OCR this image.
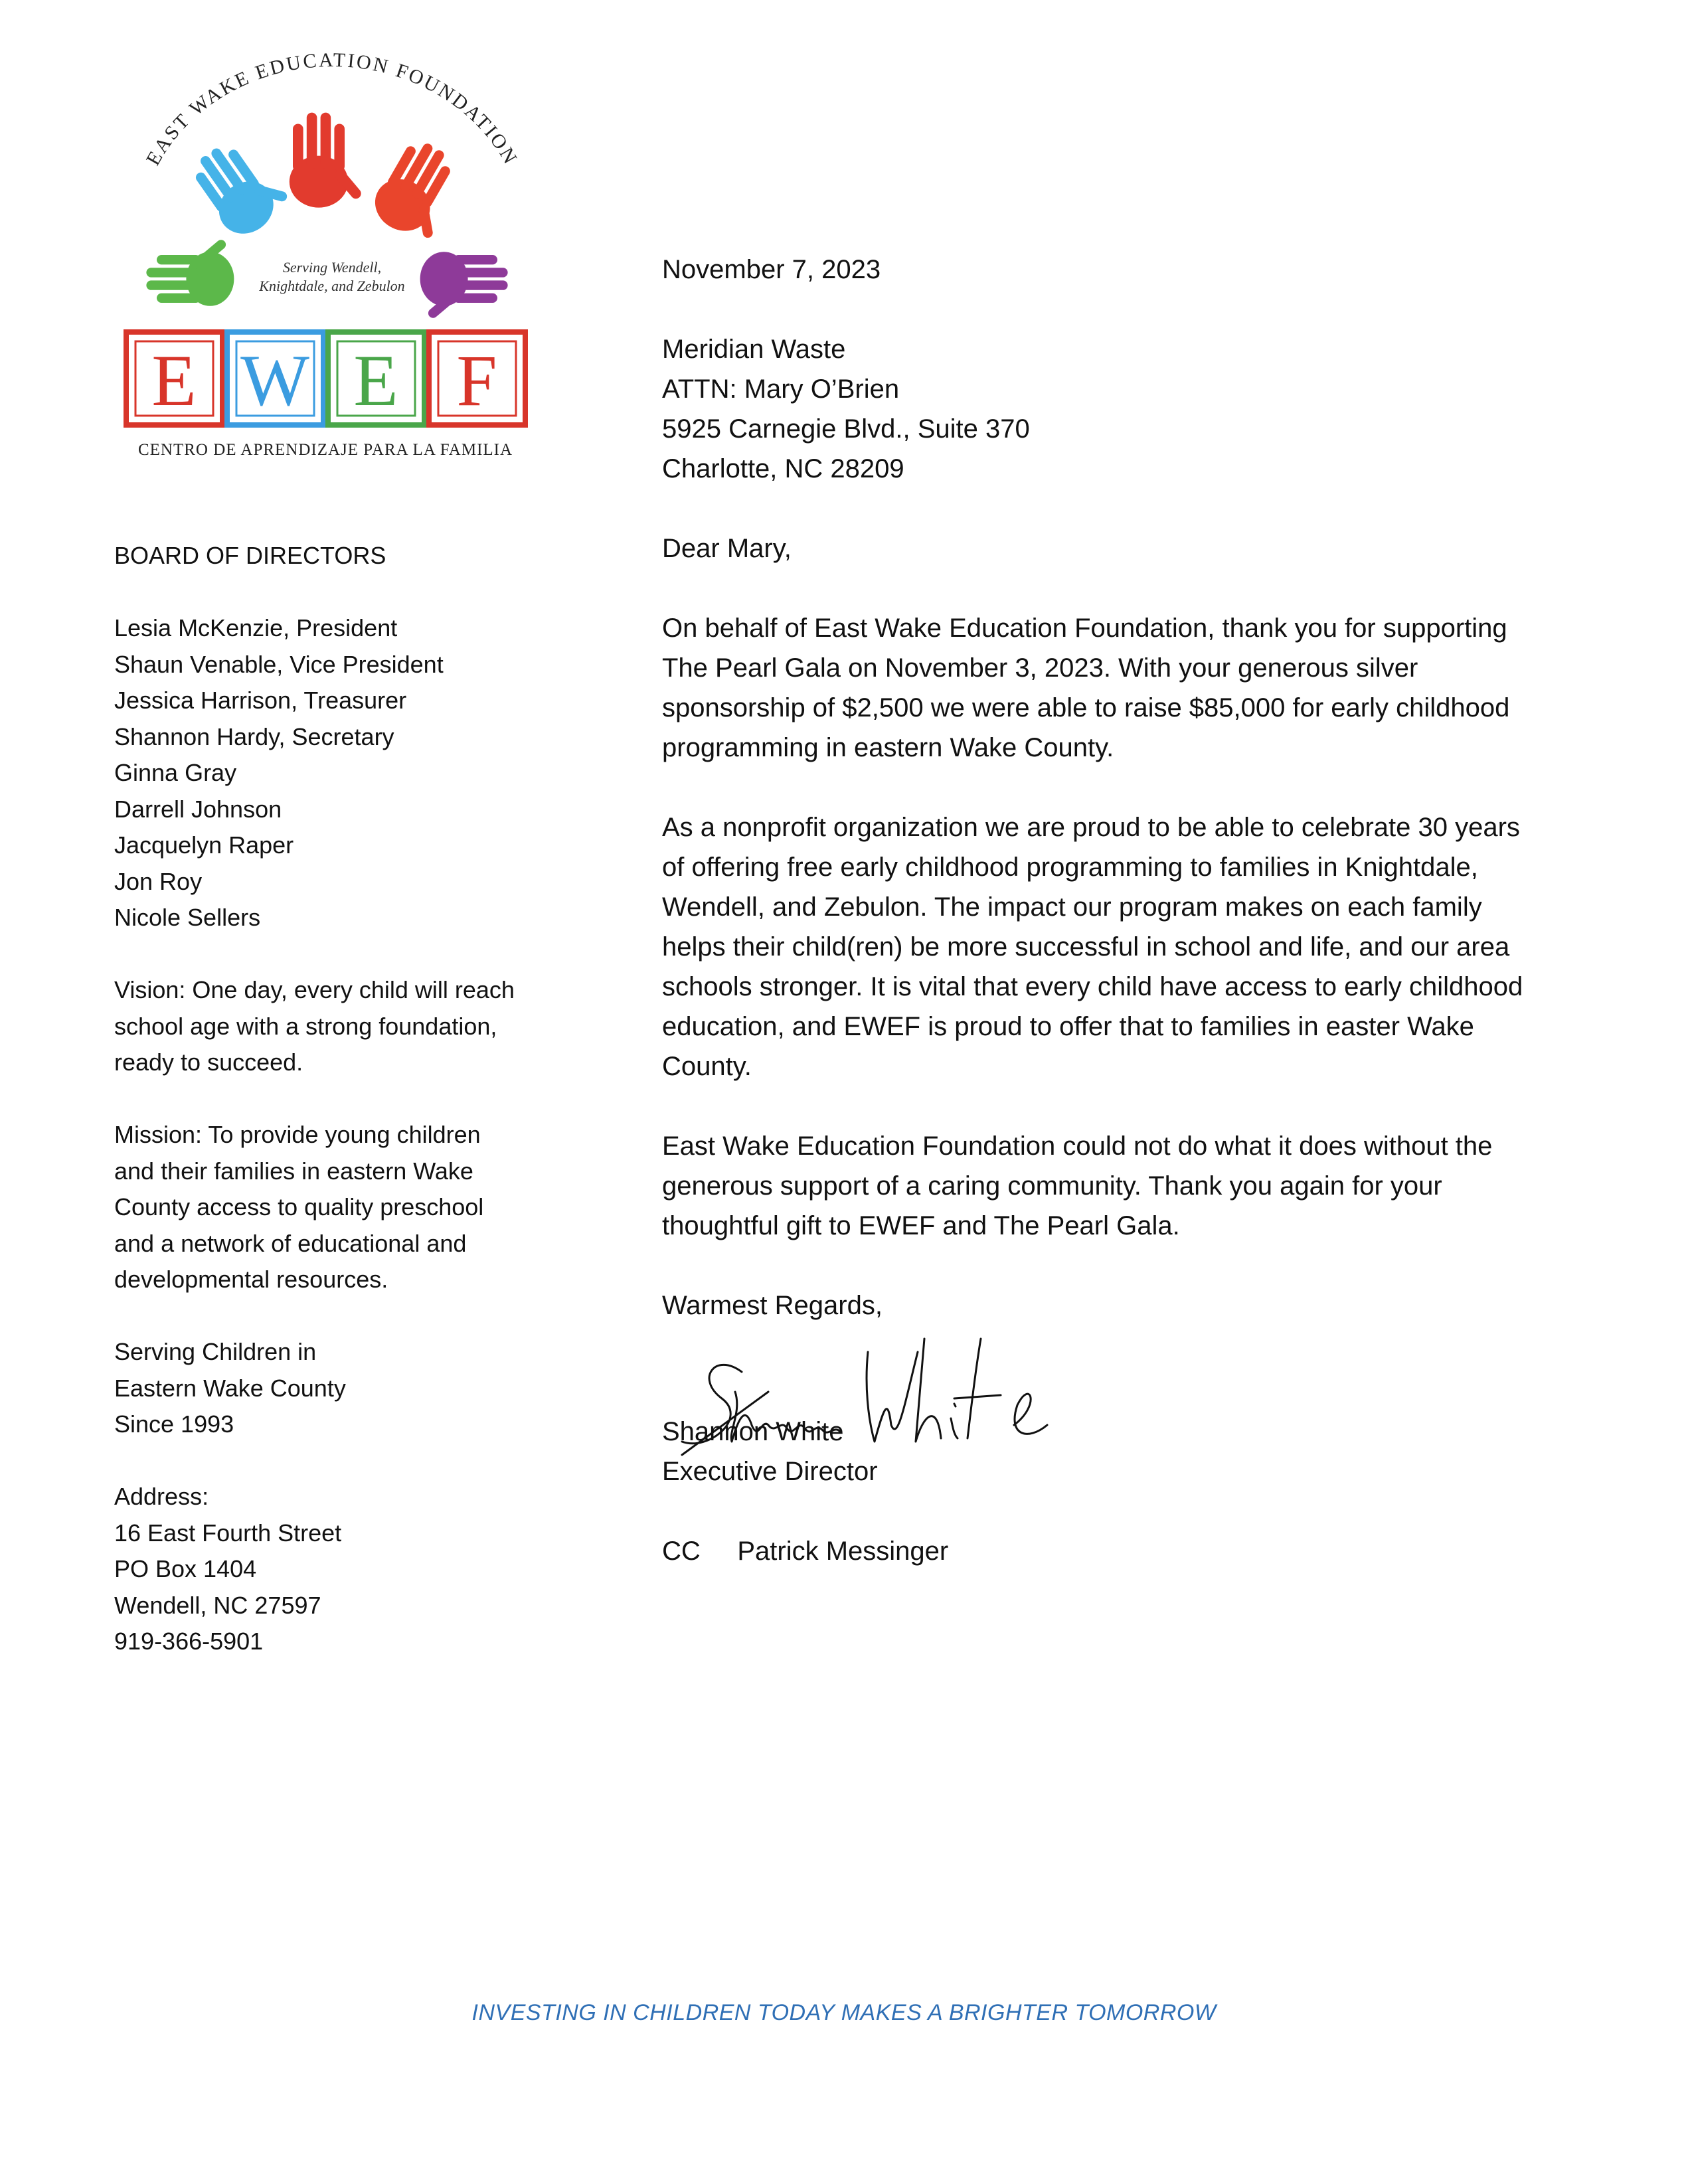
EAST WAKE EDUCATION FOUNDATION
Serving Wendell,
Knightdale, and Zebulon
E W E F
CENTRO DE APRENDIZAJE PARA LA FAMILIA
BOARD OF DIRECTORS
Lesia McKenzie, President
Shaun Venable, Vice President
Jessica Harrison, Treasurer
Shannon Hardy, Secretary
Ginna Gray
Darrell Johnson
Jacquelyn Raper
Jon Roy
Nicole Sellers
Vision: One day, every child will reach
school age with a strong foundation,
ready to succeed.
Mission: To provide young children
and their families in eastern Wake
County access to quality preschool
and a network of educational and
developmental resources.
Serving Children in
Eastern Wake County
Since 1993
Address:
16 East Fourth Street
PO Box 1404
Wendell, NC 27597
919-366-5901
November 7, 2023
Meridian Waste
ATTN: Mary O’Brien
5925 Carnegie Blvd., Suite 370
Charlotte, NC 28209
Dear Mary,
On behalf of East Wake Education Foundation, thank you for supporting
The Pearl Gala on November 3, 2023. With your generous silver
sponsorship of $2,500 we were able to raise $85,000 for early childhood
programming in eastern Wake County.
As a nonprofit organization we are proud to be able to celebrate 30 years
of offering free early childhood programming to families in Knightdale,
Wendell, and Zebulon. The impact our program makes on each family
helps their child(ren) be more successful in school and life, and our area
schools stronger. It is vital that every child have access to early childhood
education, and EWEF is proud to offer that to families in easter Wake
County.
East Wake Education Foundation could not do what it does without the
generous support of a caring community. Thank you again for your
thoughtful gift to EWEF and The Pearl Gala.
Warmest Regards,
Shannon White
Executive Director
CC Patrick Messinger
INVESTING IN CHILDREN TODAY MAKES A BRIGHTER TOMORROW
